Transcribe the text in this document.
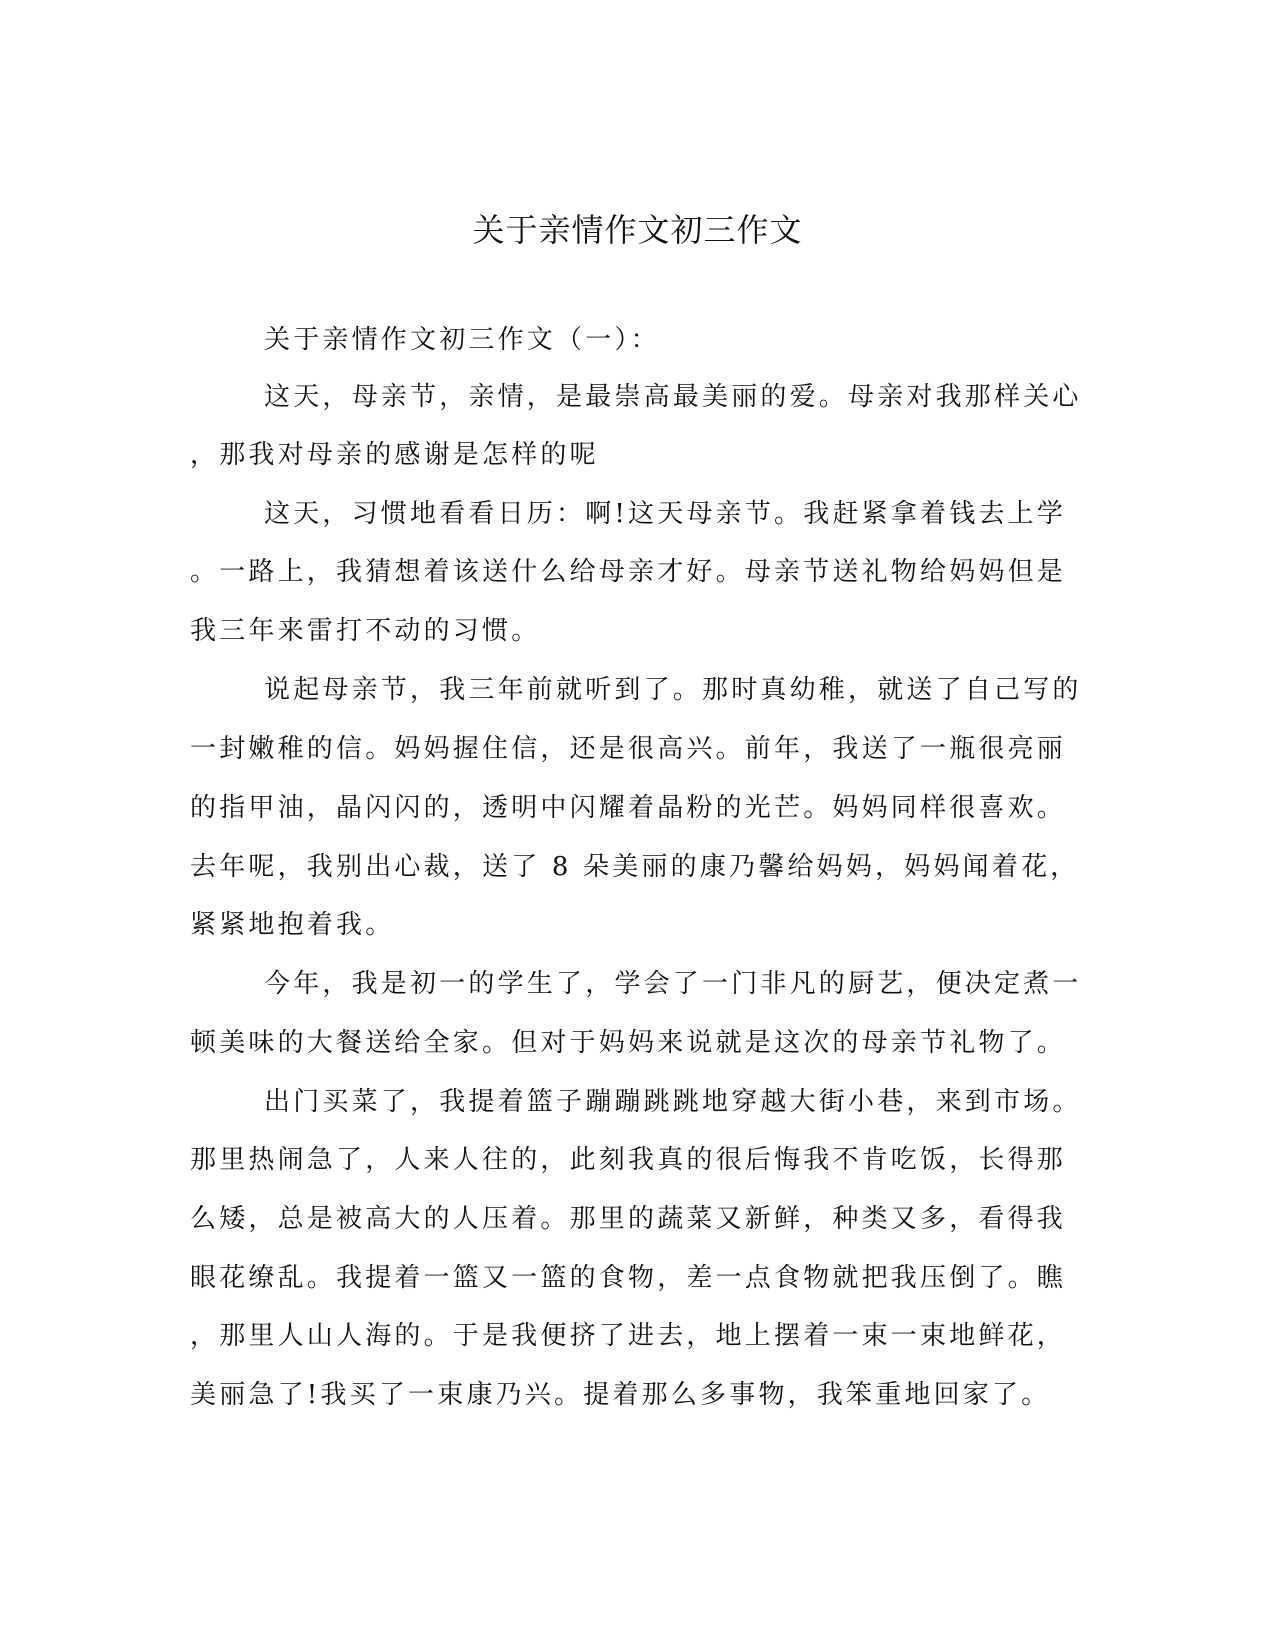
关于亲情作文初三作文

关于亲情作文初三作文（一）：

这天，母亲节，亲情，是最崇高最美丽的爱。母亲对我那样关心

，那我对母亲的感谢是怎样的呢

这天，习惯地看看日历：啊!这天母亲节。我赶紧拿着钱去上学

。一路上，我猜想着该送什么给母亲才好。母亲节送礼物给妈妈但是

我三年来雷打不动的习惯。

说起母亲节，我三年前就听到了。那时真幼稚，就送了自己写的

一封嫩稚的信。妈妈握住信，还是很高兴。前年，我送了一瓶很亮丽

的指甲油，晶闪闪的，透明中闪耀着晶粉的光芒。妈妈同样很喜欢。

去年呢，我别出心裁，送了 8 朵美丽的康乃馨给妈妈，妈妈闻着花，

紧紧地抱着我。

今年，我是初一的学生了，学会了一门非凡的厨艺，便决定煮一

顿美味的大餐送给全家。但对于妈妈来说就是这次的母亲节礼物了。

出门买菜了，我提着篮子蹦蹦跳跳地穿越大街小巷，来到市场。

那里热闹急了，人来人往的，此刻我真的很后悔我不肯吃饭，长得那

么矮，总是被高大的人压着。那里的蔬菜又新鲜，种类又多，看得我

眼花缭乱。我提着一篮又一篮的食物，差一点食物就把我压倒了。瞧

，那里人山人海的。于是我便挤了进去，地上摆着一束一束地鲜花，

美丽急了!我买了一束康乃兴。提着那么多事物，我笨重地回家了。
